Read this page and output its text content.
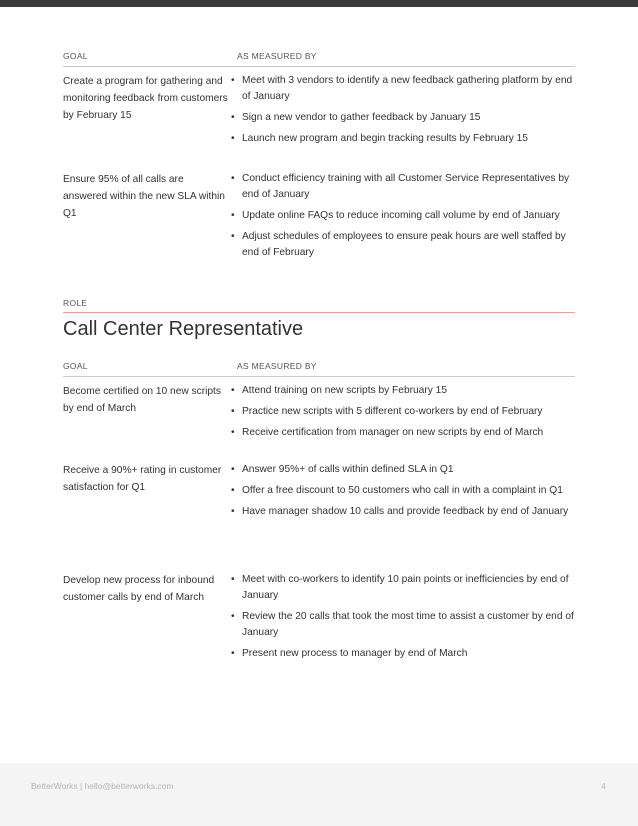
GOAL	AS MEASURED BY
Create a program for gathering and monitoring feedback from customers by February 15
• Meet with 3 vendors to identify a new feedback gathering platform by end of January
• Sign a new vendor to gather feedback by January 15
• Launch new program and begin tracking results by February 15
Ensure 95% of all calls are answered within the new SLA within Q1
• Conduct efficiency training with all Customer Service Representatives by end of January
• Update online FAQs to reduce incoming call volume by end of January
• Adjust schedules of employees to ensure peak hours are well staffed by end of February
ROLE
Call Center Representative
GOAL	AS MEASURED BY
Become certified on 10 new scripts by end of March
• Attend training on new scripts by February 15
• Practice new scripts with 5 different co-workers by end of February
• Receive certification from manager on new scripts by end of March
Receive a 90%+ rating in customer satisfaction for Q1
• Answer 95%+ of calls within defined SLA in Q1
• Offer a free discount to 50 customers who call in with a complaint in Q1
• Have manager shadow 10 calls and provide feedback by end of January
Develop new process for inbound customer calls by end of March
• Meet with co-workers to identify 10 pain points or inefficiencies by end of January
• Review the 20 calls that took the most time to assist a customer by end of January
• Present new process to manager by end of March
BetterWorks | hello@betterworks.com	4
